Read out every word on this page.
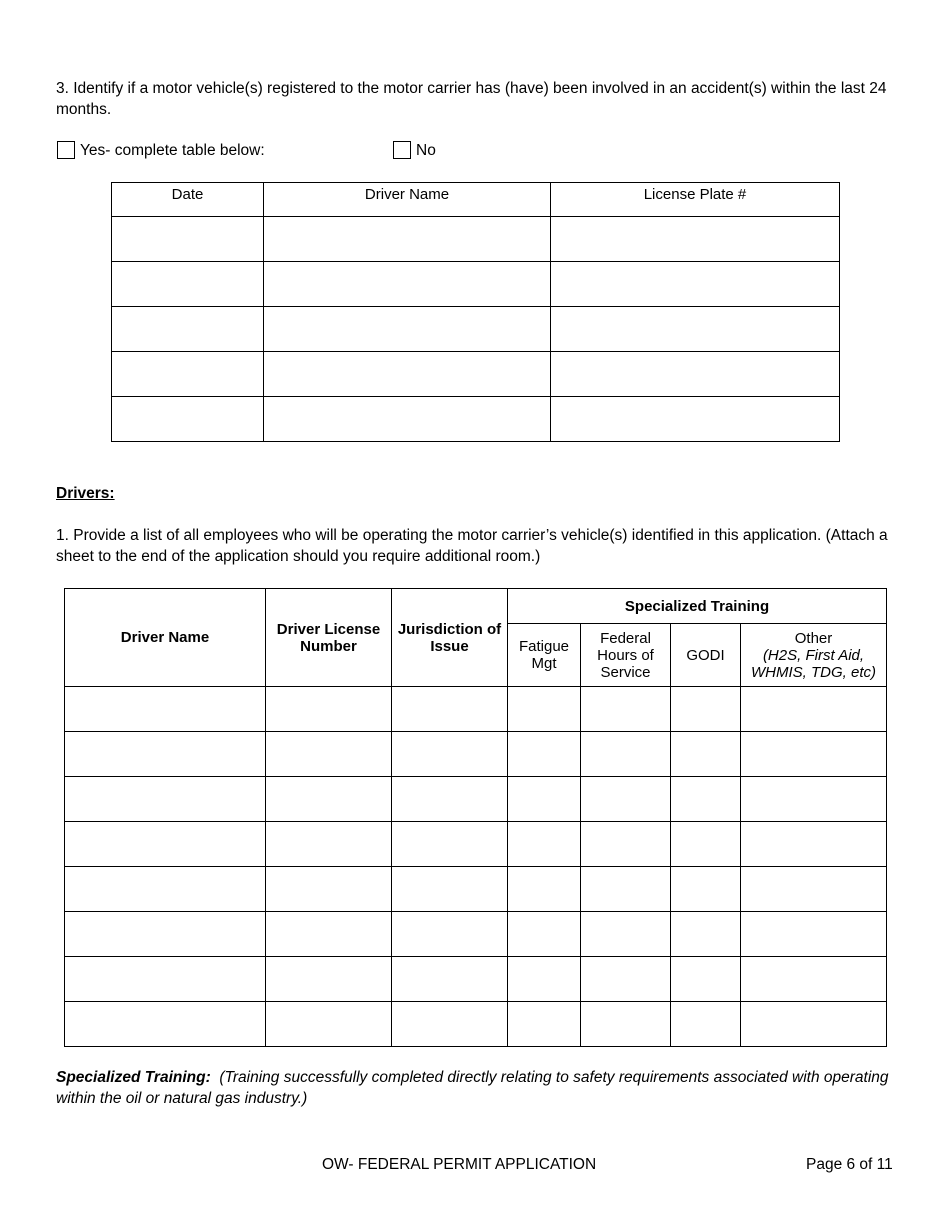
3. Identify if a motor vehicle(s) registered to the motor carrier has (have) been involved in an accident(s) within the last 24 months.
Yes- complete table below:	No
Date	Driver Name	License Plate #

Drivers:
1. Provide a list of all employees who will be operating the motor carrier’s vehicle(s) identified in this application. (Attach a sheet to the end of the application should you require additional room.)
Driver Name	Driver License Number	Jurisdiction of Issue	Specialized Training			
			Fatigue Mgt	Federal Hours of Service	GODI	Other
(H2S, First Aid, WHMIS, TDG, etc)

Specialized Training: (Training successfully completed directly relating to safety requirements associated with operating within the oil or natural gas industry.)
OW- FEDERAL PERMIT APPLICATION	Page 6 of 11
